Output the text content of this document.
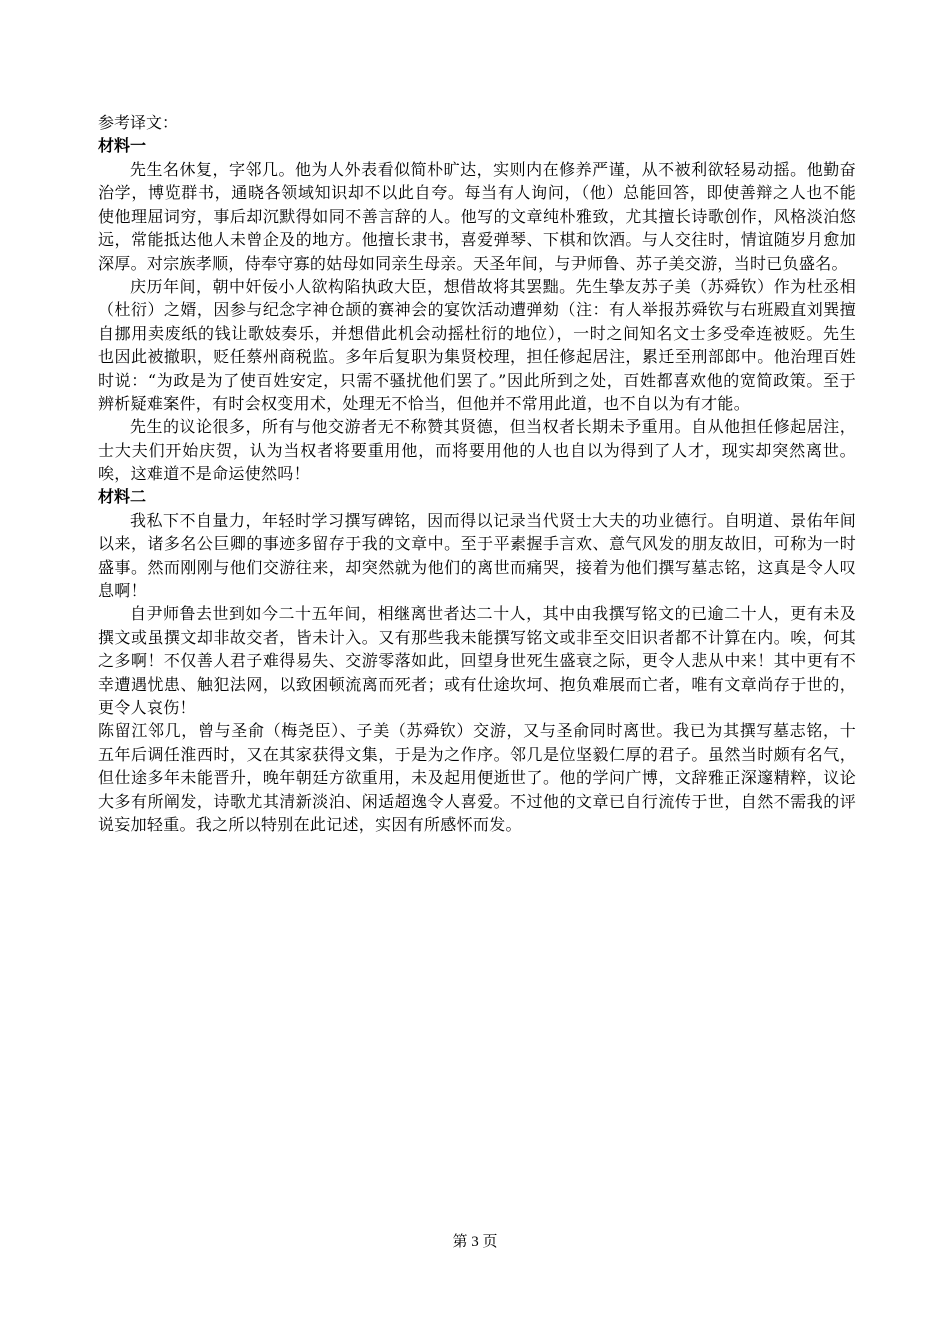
参考译文：

材料一

先生名休复，字邻几。他为人外表看似简朴旷达，实则内在修养严谨，从不被利欲轻易动摇。他勤奋治学，博览群书，通晓各领域知识却不以此自夸。每当有人询问，（他）总能回答，即使善辩之人也不能使他理屈词穷，事后却沉默得如同不善言辞的人。他写的文章纯朴雅致，尤其擅长诗歌创作，风格淡泊悠远，常能抵达他人未曾企及的地方。他擅长隶书，喜爱弹琴、下棋和饮酒。与人交往时，情谊随岁月愈加深厚。对宗族孝顺，侍奉守寡的姑母如同亲生母亲。天圣年间，与尹师鲁、苏子美交游，当时已负盛名。

庆历年间，朝中奸佞小人欲构陷执政大臣，想借故将其罢黜。先生挚友苏子美（苏舜钦）作为杜丞相（杜衍）之婿，因参与纪念字神仓颉的赛神会的宴饮活动遭弹劾（注：有人举报苏舜钦与右班殿直刘巽擅自挪用卖废纸的钱让歌妓奏乐，并想借此机会动摇杜衍的地位），一时之间知名文士多受牵连被贬。先生也因此被撤职，贬任蔡州商税监。多年后复职为集贤校理，担任修起居注，累迁至刑部郎中。他治理百姓时说：“为政是为了使百姓安定，只需不骚扰他们罢了。”因此所到之处，百姓都喜欢他的宽简政策。至于辨析疑难案件，有时会权变用术，处理无不恰当，但他并不常用此道，也不自以为有才能。

先生的议论很多，所有与他交游者无不称赞其贤德，但当权者长期未予重用。自从他担任修起居注，士大夫们开始庆贺，认为当权者将要重用他，而将要用他的人也自以为得到了人才，现实却突然离世。唉，这难道不是命运使然吗！

材料二

我私下不自量力，年轻时学习撰写碑铭，因而得以记录当代贤士大夫的功业德行。自明道、景佑年间以来，诸多名公巨卿的事迹多留存于我的文章中。至于平素握手言欢、意气风发的朋友故旧，可称为一时盛事。然而刚刚与他们交游往来，却突然就为他们的离世而痛哭，接着为他们撰写墓志铭，这真是令人叹息啊！

自尹师鲁去世到如今二十五年间，相继离世者达二十人，其中由我撰写铭文的已逾二十人，更有未及撰文或虽撰文却非故交者，皆未计入。又有那些我未能撰写铭文或非至交旧识者都不计算在内。唉，何其之多啊！不仅善人君子难得易失、交游零落如此，回望身世死生盛衰之际，更令人悲从中来！其中更有不幸遭遇忧患、触犯法网，以致困顿流离而死者；或有仕途坎坷、抱负难展而亡者，唯有文章尚存于世的，更令人哀伤！

陈留江邻几，曾与圣俞（梅尧臣）、子美（苏舜钦）交游，又与圣俞同时离世。我已为其撰写墓志铭，十五年后调任淮西时，又在其家获得文集，于是为之作序。邻几是位坚毅仁厚的君子。虽然当时颇有名气，但仕途多年未能晋升，晚年朝廷方欲重用，未及起用便逝世了。他的学问广博，文辞雅正深邃精粹，议论大多有所阐发，诗歌尤其清新淡泊、闲适超逸令人喜爱。不过他的文章已自行流传于世，自然不需我的评说妄加轻重。我之所以特别在此记述，实因有所感怀而发。

第 3 页
